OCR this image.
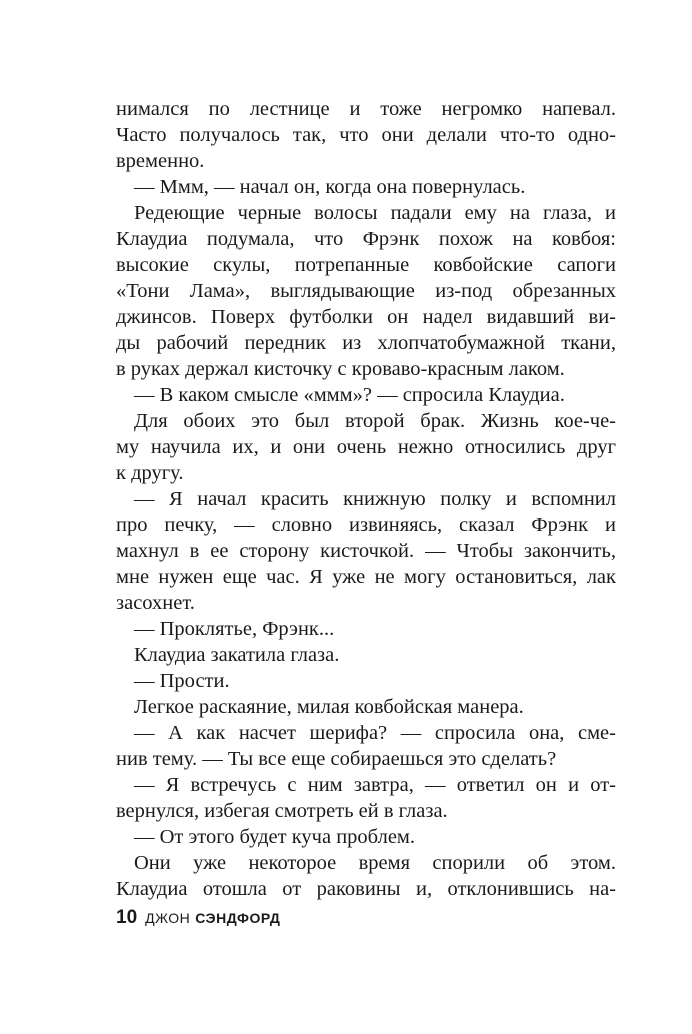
нимался по лестнице и тоже негромко напевал.
Часто получалось так, что они делали что-то одно-
временно.
— Ммм, — начал он, когда она повернулась.
Редеющие черные волосы падали ему на глаза, и
Клаудиа подумала, что Фрэнк похож на ковбоя:
высокие скулы, потрепанные ковбойские сапоги
«Тони Лама», выглядывающие из-под обрезанных
джинсов. Поверх футболки он надел видавший ви-
ды рабочий передник из хлопчатобумажной ткани,
в руках держал кисточку с кроваво-красным лаком.
— В каком смысле «ммм»? — спросила Клаудиа.
Для обоих это был второй брак. Жизнь кое-че-
му научила их, и они очень нежно относились друг
к другу.
— Я начал красить книжную полку и вспомнил
про печку, — словно извиняясь, сказал Фрэнк и
махнул в ее сторону кисточкой. — Чтобы закончить,
мне нужен еще час. Я уже не могу остановиться, лак
засохнет.
— Проклятье, Фрэнк...
Клаудиа закатила глаза.
— Прости.
Легкое раскаяние, милая ковбойская манера.
— А как насчет шерифа? — спросила она, сме-
нив тему. — Ты все еще собираешься это сделать?
— Я встречусь с ним завтра, — ответил он и от-
вернулся, избегая смотреть ей в глаза.
— От этого будет куча проблем.
Они уже некоторое время спорили об этом.
Клаудиа отошла от раковины и, отклонившись на-
10 ДЖОН СЭНДФОРД
